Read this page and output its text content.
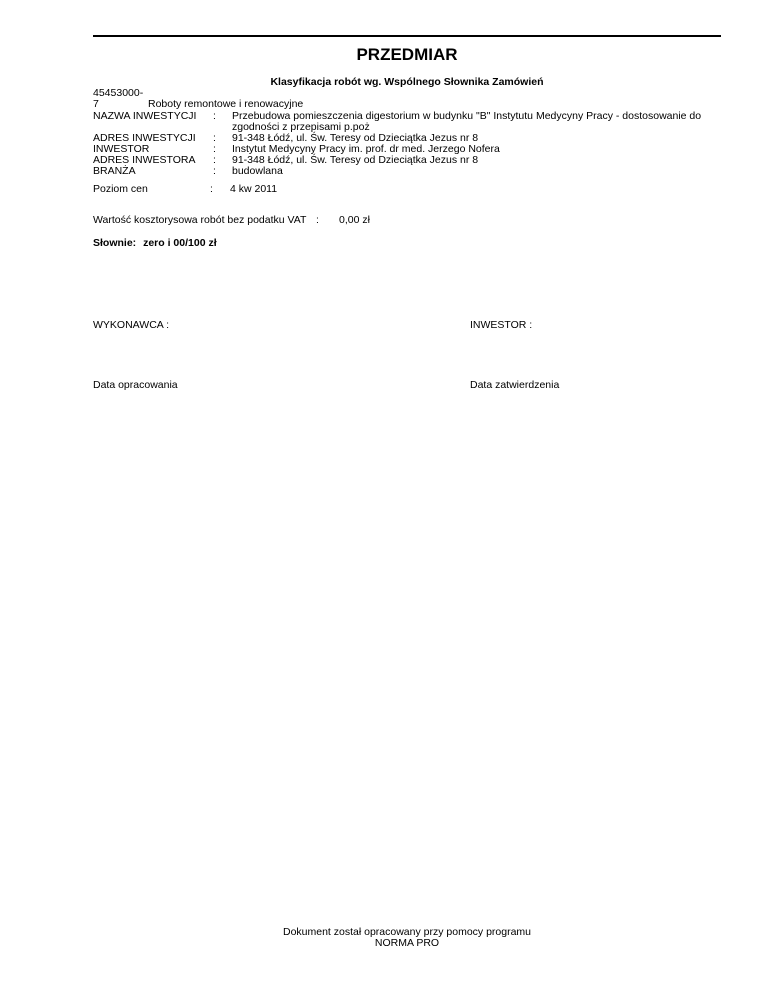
PRZEDMIAR
Klasyfikacja robót wg. Wspólnego Słownika Zamówień
45453000-7	Roboty remontowe i renowacyjne
NAZWA INWESTYCJI : Przebudowa pomieszczenia digestorium w budynku "B" Instytutu Medycyny Pracy - dostosowanie do zgodności z przepisami p.poż
ADRES INWESTYCJI : 91-348 Łódź, ul. Św. Teresy od Dzieciątka Jezus nr 8
INWESTOR	: Instytut Medycyny Pracy im. prof. dr med. Jerzego Nofera
ADRES INWESTORA : 91-348 Łódź, ul. Św. Teresy od Dzieciątka Jezus nr 8
BRANŻA	: budowlana
Poziom cen	: 4 kw 2011
Wartość kosztorysowa robót bez podatku VAT : 0,00 zł
Słownie: zero i 00/100 zł
WYKONAWCA :	INWESTOR :
Data opracowania	Data zatwierdzenia
Dokument został opracowany przy pomocy programu
NORMA PRO
